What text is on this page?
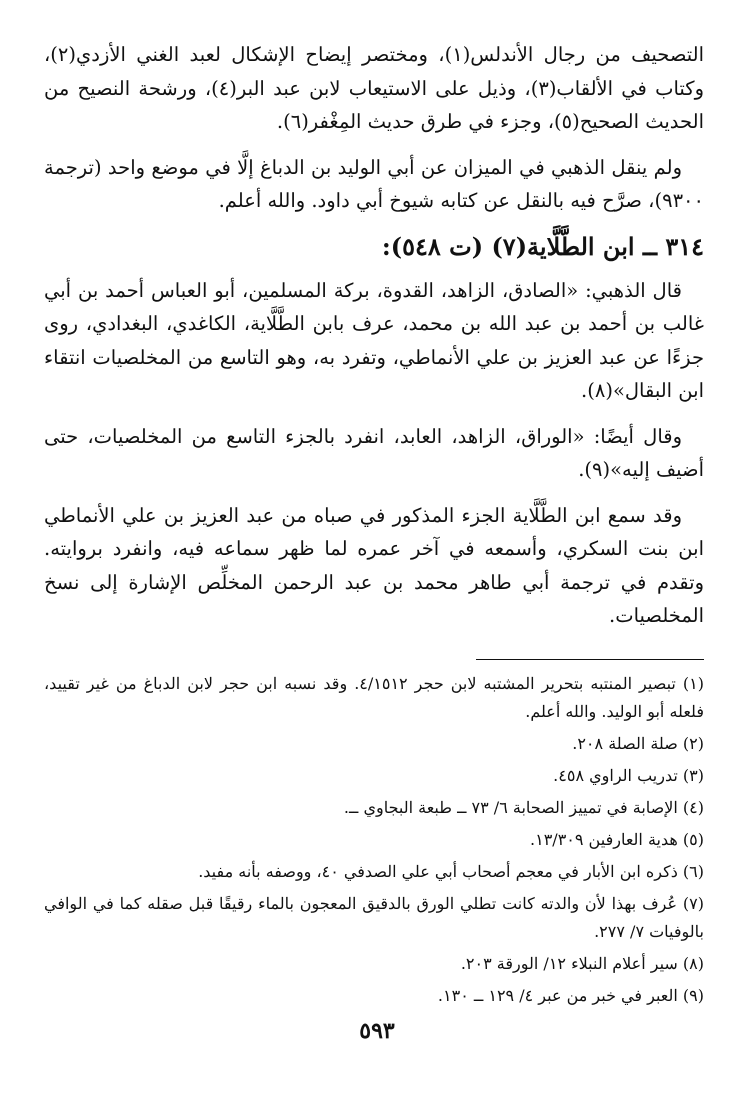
التصحيف من رجال الأندلس(١)، ومختصر إيضاح الإشكال لعبد الغني الأزدي(٢)، وكتاب في الألقاب(٣)، وذيل على الاستيعاب لابن عبد البر(٤)، ورشحة النصيح من الحديث الصحيح(٥)، وجزء في طرق حديث المِغْفر(٦).

ولم ينقل الذهبي في الميزان عن أبي الوليد بن الدباغ إلَّا في موضع واحد (ترجمة ٩٣٠٠)، صرَّح فيه بالنقل عن كتابه شيوخ أبي داود. والله أعلم.

٣١٤ ــ ابن الطَّلَّاية(٧) (ت ٥٤٨):

قال الذهبي: «الصادق، الزاهد، القدوة، بركة المسلمين، أبو العباس أحمد بن أبي غالب بن أحمد بن عبد الله بن محمد، عرف بابن الطَّلَّاية، الكاغدي، البغدادي، روى جزءًا عن عبد العزيز بن علي الأنماطي، وتفرد به، وهو التاسع من المخلصيات انتقاء ابن البقال»(٨).

وقال أيضًا: «الوراق، الزاهد، العابد، انفرد بالجزء التاسع من المخلصيات، حتى أضيف إليه»(٩).

وقد سمع ابن الطَّلَّاية الجزء المذكور في صباه من عبد العزيز بن علي الأنماطي ابن بنت السكري، وأسمعه في آخر عمره لما ظهر سماعه فيه، وانفرد بروايته. وتقدم في ترجمة أبي طاهر محمد بن عبد الرحمن المخلِّص الإشارة إلى نسخ المخلصيات.

(١) تبصير المنتبه بتحرير المشتبه لابن حجر ٤/١٥١٢. وقد نسبه ابن حجر لابن الدباغ من غير تقييد، فلعله أبو الوليد. والله أعلم.
(٢) صلة الصلة ٢٠٨.
(٣) تدريب الراوي ٤٥٨.
(٤) الإصابة في تمييز الصحابة ٦/ ٧٣ ــ طبعة البجاوي ــ.
(٥) هدية العارفين ١٣/٣٠٩.
(٦) ذكره ابن الأبار في معجم أصحاب أبي علي الصدفي ٤٠، ووصفه بأنه مفيد.
(٧) عُرف بهذا لأن والدته كانت تطلي الورق بالدقيق المعجون بالماء رقيقًا قبل صقله كما في الوافي بالوفيات ٧/ ٢٧٧.
(٨) سير أعلام النبلاء ١٢/ الورقة ٢٠٣.
(٩) العبر في خبر من عبر ٤/ ١٢٩ ــ ١٣٠.
٥٩٣
